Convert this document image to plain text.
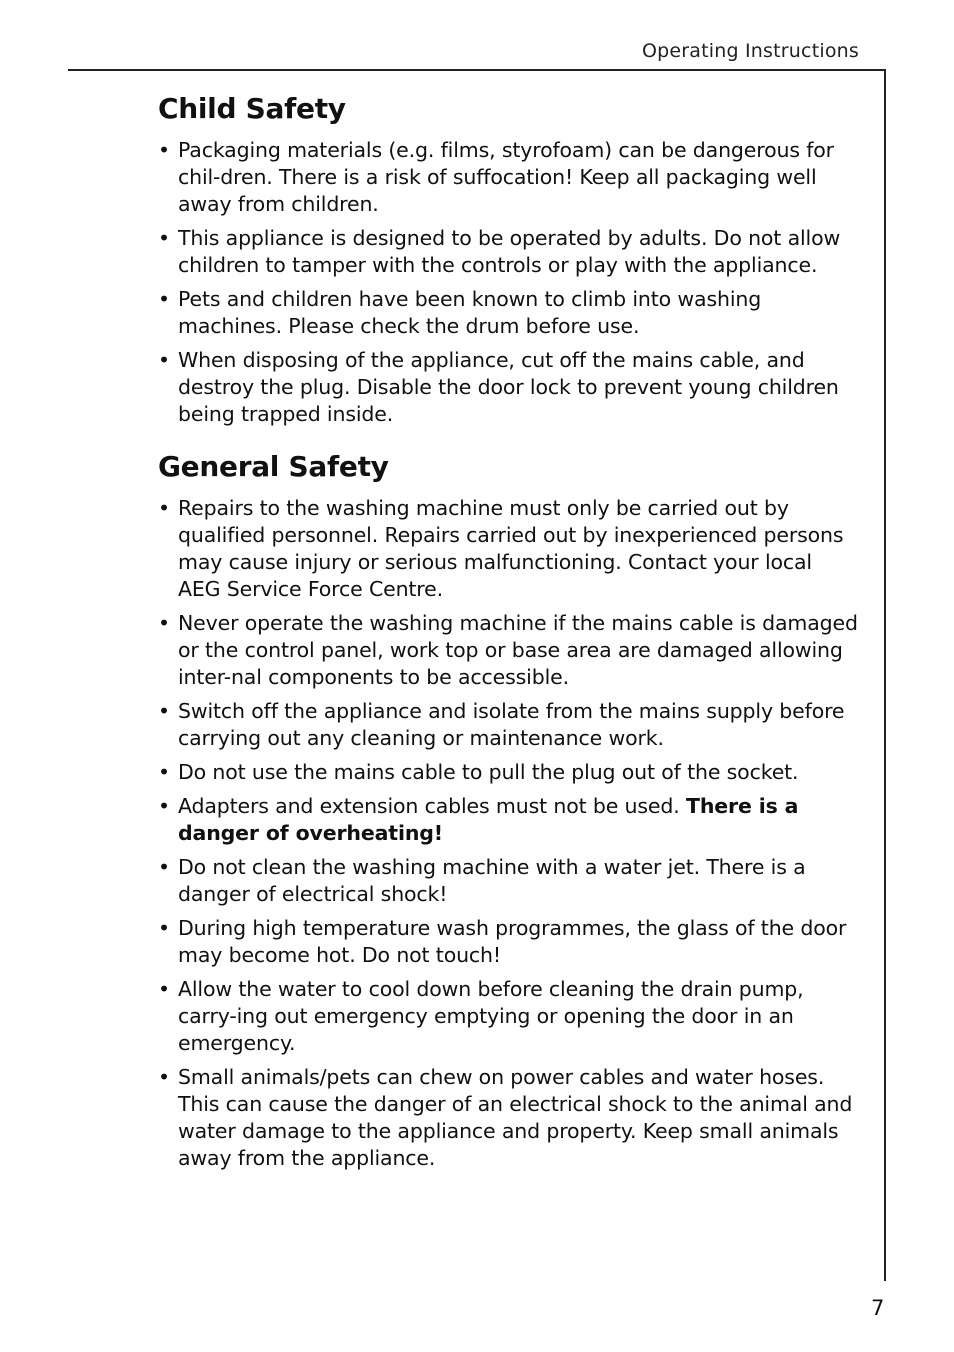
Operating Instructions
Child Safety
• Packaging materials (e.g. films, styrofoam) can be dangerous for chil-dren. There is a risk of suffocation! Keep all packaging well away from children.
• This appliance is designed to be operated by adults. Do not allow children to tamper with the controls or play with the appliance.
• Pets and children have been known to climb into washing machines. Please check the drum before use.
• When disposing of the appliance, cut off the mains cable, and destroy the plug. Disable the door lock to prevent young children being trapped inside.
General Safety
• Repairs to the washing machine must only be carried out by qualified personnel. Repairs carried out by inexperienced persons may cause injury or serious malfunctioning. Contact your local AEG Service Force Centre.
• Never operate the washing machine if the mains cable is damaged or the control panel, work top or base area are damaged allowing inter-nal components to be accessible.
• Switch off the appliance and isolate from the mains supply before carrying out any cleaning or maintenance work.
• Do not use the mains cable to pull the plug out of the socket.
• Adapters and extension cables must not be used. There is a danger of overheating!
• Do not clean the washing machine with a water jet. There is a danger of electrical shock!
• During high temperature wash programmes, the glass of the door may become hot. Do not touch!
• Allow the water to cool down before cleaning the drain pump, carry-ing out emergency emptying or opening the door in an emergency.
• Small animals/pets can chew on power cables and water hoses. This can cause the danger of an electrical shock to the animal and water damage to the appliance and property. Keep small animals away from the appliance.
7
